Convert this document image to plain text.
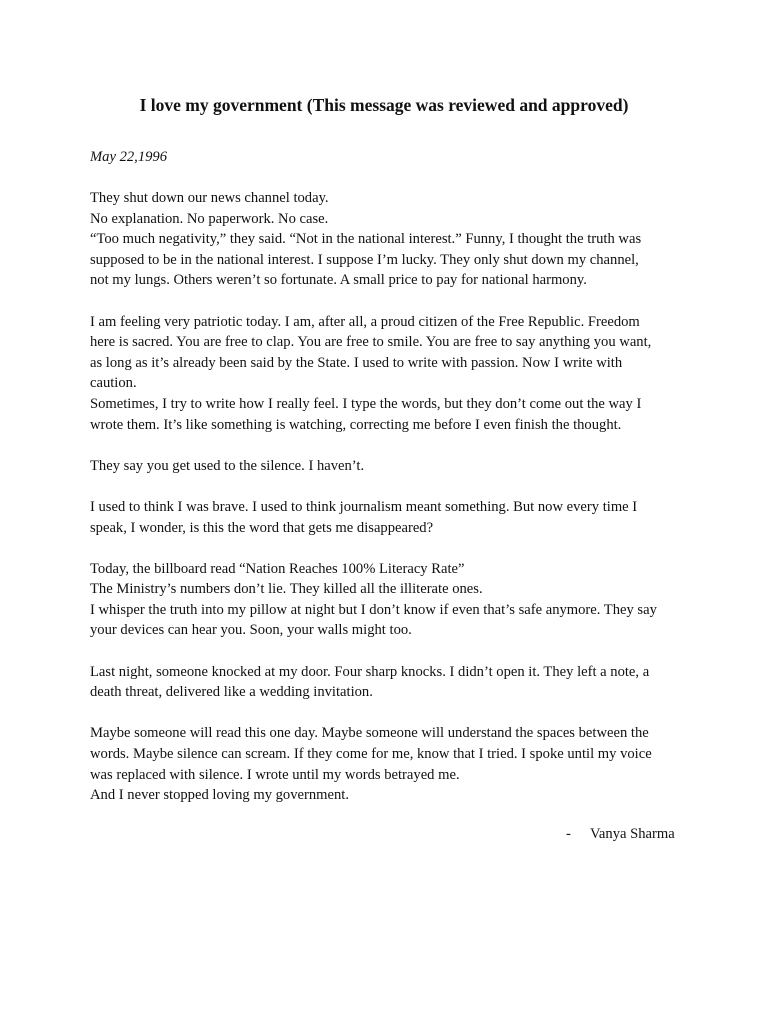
I love my government (This message was reviewed and approved)

May 22,1996

They shut down our news channel today.
No explanation. No paperwork. No case.
“Too much negativity,” they said. “Not in the national interest.” Funny, I thought the truth was
supposed to be in the national interest. I suppose I’m lucky. They only shut down my channel,
not my lungs. Others weren’t so fortunate. A small price to pay for national harmony.
I am feeling very patriotic today. I am, after all, a proud citizen of the Free Republic. Freedom
here is sacred. You are free to clap. You are free to smile. You are free to say anything you want,
as long as it’s already been said by the State. I used to write with passion. Now I write with
caution.
Sometimes, I try to write how I really feel. I type the words, but they don’t come out the way I
wrote them. It’s like something is watching, correcting me before I even finish the thought.
They say you get used to the silence. I haven’t.
I used to think I was brave. I used to think journalism meant something. But now every time I
speak, I wonder, is this the word that gets me disappeared?
Today, the billboard read “Nation Reaches 100% Literacy Rate”
The Ministry’s numbers don’t lie. They killed all the illiterate ones.
I whisper the truth into my pillow at night but I don’t know if even that’s safe anymore. They say
your devices can hear you. Soon, your walls might too.
Last night, someone knocked at my door. Four sharp knocks. I didn’t open it. They left a note, a
death threat, delivered like a wedding invitation.
Maybe someone will read this one day. Maybe someone will understand the spaces between the
words. Maybe silence can scream. If they come for me, know that I tried. I spoke until my voice
was replaced with silence. I wrote until my words betrayed me.
And I never stopped loving my government.
- Vanya Sharma
